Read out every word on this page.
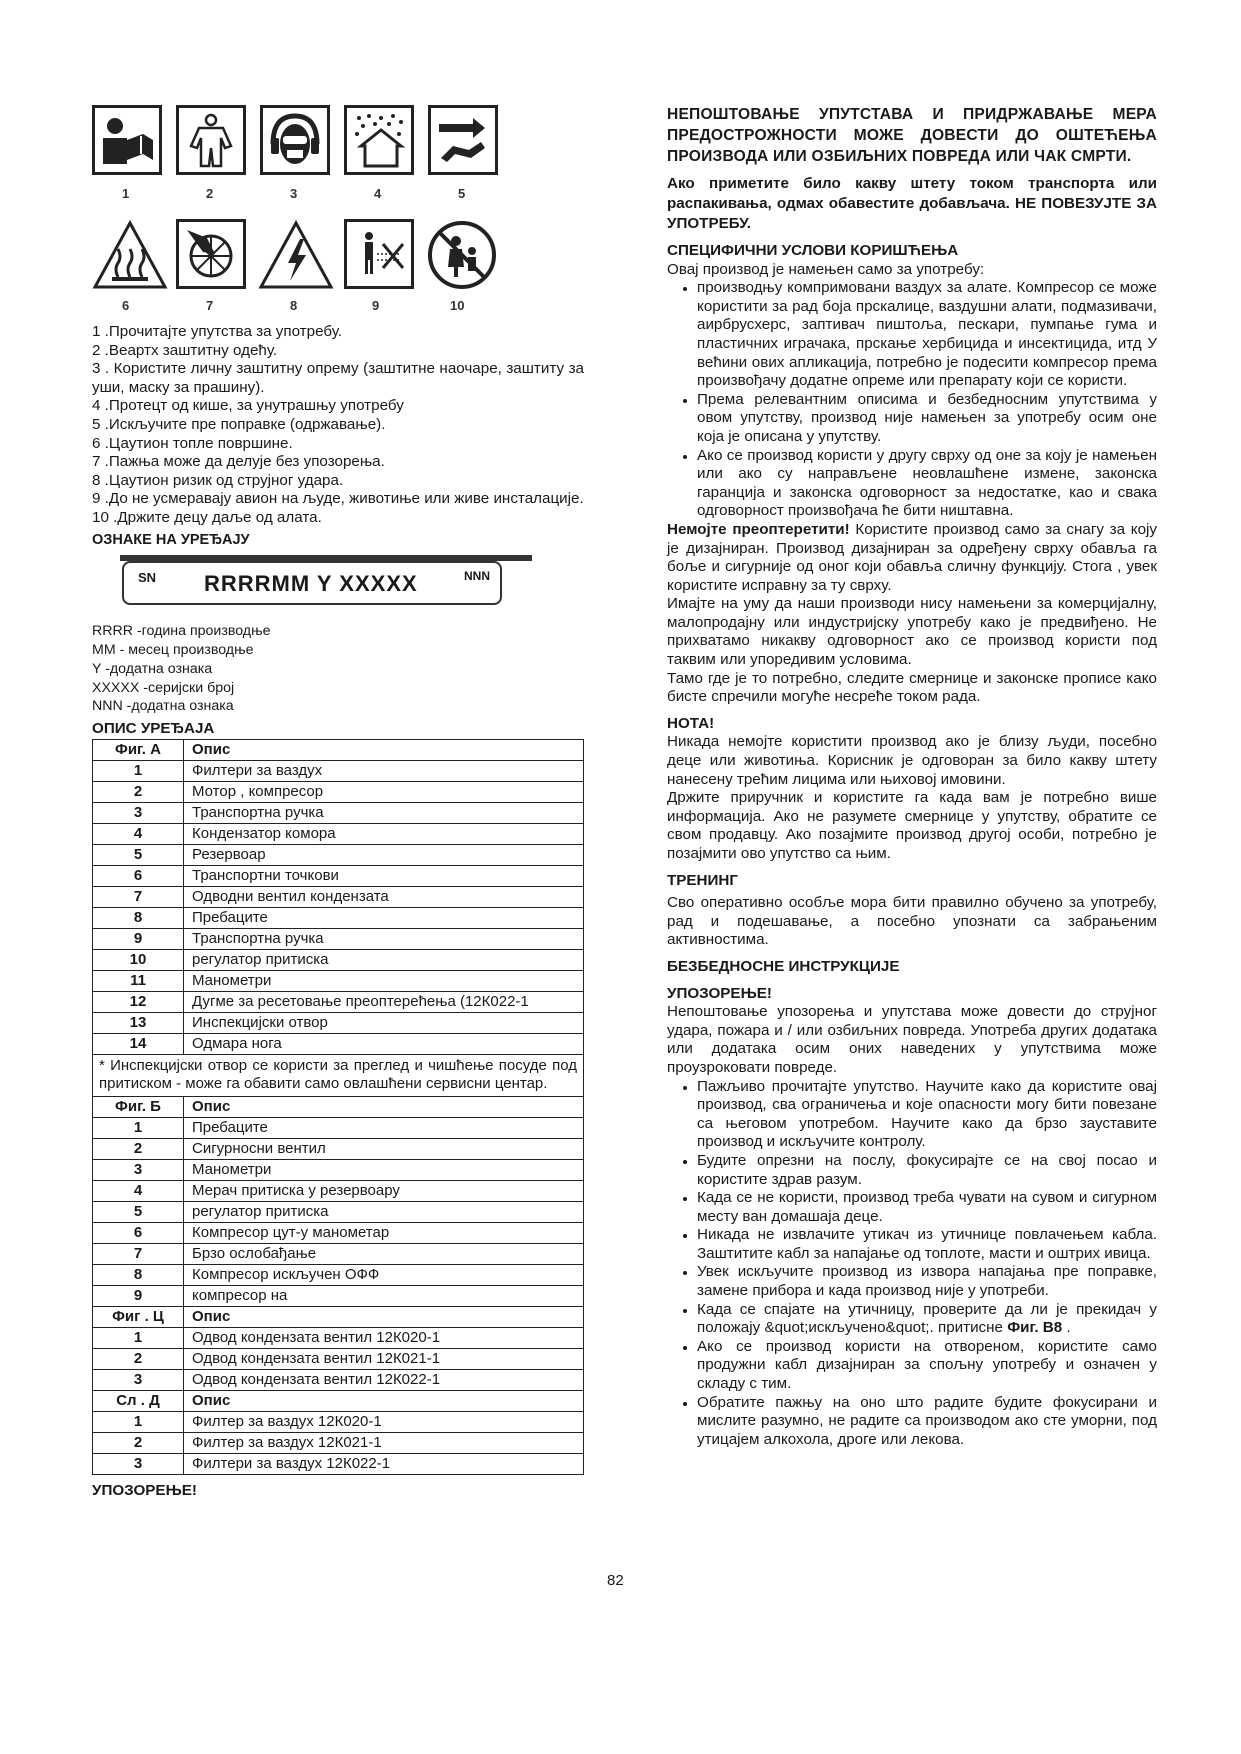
1	2	3	4	5
6	7	8	9	10

1 .Прочитајте упутства за употребу.

2 .Веартх заштитну одећу.

3 . Користите личну заштитну опрему (заштитне наочаре, заштиту за уши, маску за прашину).

4 .Протецт од кише, за унутрашњу употребу

5 .Искључите пре поправке (одржавање).

6 .Цаутион топле површине.

7 .Пажња може да делује без упозорења.

8 .Цаутион ризик од струјног удара.

9 .До не усмеравају авион на људе, животиње или живе инсталације.

10 .Држите децу даље од алата.

ОЗНАКЕ НА УРЕЂАЈУ

SN RRRRMM Y XXXXX	NNN

RRRR -година производње

MM - месец производње

Y -додатна ознака

XXXXX -серијски број

NNN -додатна ознака

ОПИС УРЕЂАЈА

Фиг. А	Опис
1	Филтери за ваздух
2	Мотор , компресор
3	Транспортна ручка
4	Кондензатор комора
5	Резервоар
6	Транспортни точкови
7	Одводни вентил кондензата
8	Пребаците
9	Транспортна ручка
10	регулатор притиска
11	Манометри
12	Дугме за ресетовање преоптерећења (12К022-1
13	Инспекцијски отвор
14	Одмара нога
* Инспекцијски отвор се користи за преглед и чишћење посуде под притиском - може га обавити само овлашћени сервисни центар.	
Фиг. Б	Опис
1	Пребаците
2	Сигурносни вентил
3	Манометри
4	Мерач притиска у резервоару
5	регулатор притиска
6	Компресор цут-у манометар
7	Брзо ослобађање
8	Компресор искључен ОФФ
9	компресор на
Фиг . Ц	Опис
1	Одвод кондензата вентил 12К020-1
2	Одвод кондензата вентил 12К021-1
3	Одвод кондензата вентил 12К022-1
Сл . Д	Опис
1	Филтер за ваздух 12К020-1
2	Филтер за ваздух 12К021-1
3	Филтери за ваздух 12К022-1

УПОЗОРЕЊЕ!

НЕПОШТОВАЊЕ УПУТСТАВА И ПРИДРЖАВАЊЕ МЕРА ПРЕДОСТРОЖНОСТИ МОЖЕ ДОВЕСТИ ДО ОШТЕЋЕЊА ПРОИЗВОДА ИЛИ ОЗБИЉНИХ ПОВРЕДА ИЛИ ЧАК СМРТИ.

Ако приметите било какву штету током транспорта или распакивања, одмах обавестите добављача. НЕ ПОВЕЗУЈТЕ ЗА УПОТРЕБУ.

СПЕЦИФИЧНИ УСЛОВИ КОРИШЋЕЊА

Овај производ је намењен само за употребу:

• производњу компримовани ваздух за алате. Компресор се може користити за рад боја прскалице, ваздушни алати, подмазивачи, аирбрусхерс, заптивач пиштоља, пескари, пумпање гума и пластичних играчака, прскање хербицида и инсектицида, итд У већини ових апликација, потребно је подесити компресор према произвођачу додатне опреме или препарату који се користи.
• Према релевантним описима и безбедносним упутствима у овом упутству, производ није намењен за употребу осим оне која је описана у упутству.
• Ако се производ користи у другу сврху од оне за коју је намењен или ако су направљене неовлашћене измене, законска гаранција и законска одговорност за недостатке, као и свака одговорност произвођача ће бити ништавна.

Немојте преоптеретити! Користите производ само за снагу за коју је дизајниран. Производ дизајниран за одређену сврху обавља га боље и сигурније од оног који обавља сличну функцију. Стога , увек користите исправну за ту сврху.

Имајте на уму да наши производи нису намењени за комерцијалну, малопродајну или индустријску употребу како је предвиђено. Не прихватамо никакву одговорност ако се производ користи под таквим или упоредивим условима.

Тамо где је то потребно, следите смернице и законске прописе како бисте спречили могуће несреће током рада.

НОТА!

Никада немојте користити производ ако је близу људи, посебно деце или животиња. Корисник је одговоран за било какву штету нанесену трећим лицима или њиховој имовини.

Држите приручник и користите га када вам је потребно више информација. Ако не разумете смернице у упутству, обратите се свом продавцу. Ако позајмите производ другој особи, потребно је позајмити ово упутство са њим.

ТРЕНИНГ

Сво оперативно особље мора бити правилно обучено за употребу, рад и подешавање, а посебно упознати са забрањеним активностима.

БЕЗБЕДНОСНЕ ИНСТРУКЦИЈЕ

УПОЗОРЕЊЕ!

Непоштовање упозорења и упутстава може довести до струјног удара, пожара и / или озбиљних повреда. Употреба других додатака или додатака осим оних наведених у упутствима може проузроковати повреде.

• Пажљиво прочитајте упутство. Научите како да користите овај производ, сва ограничења и које опасности могу бити повезане са његовом употребом. Научите како да брзо зауставите производ и искључите контролу.
• Будите опрезни на послу, фокусирајте се на свој посао и користите здрав разум.
• Када се не користи, производ треба чувати на сувом и сигурном месту ван домашаја деце.
• Никада не извлачите утикач из утичнице повлачењем кабла. Заштитите кабл за напајање од топлоте, масти и оштрих ивица.
• Увек искључите производ из извора напајања пре поправке, замене прибора и када производ није у употреби.
• Када се спајате на утичницу, проверите да ли је прекидач у положају &quot;искључено&quot;. притисне Фиг. B8 .
• Ако се производ користи на отвореном, користите само продужни кабл дизајниран за спољну употребу и означен у складу с тим.
• Обратите пажњу на оно што радите будите фокусирани и мислите разумно, не радите са производом ако сте уморни, под утицајем алкохола, дроге или лекова.
82
